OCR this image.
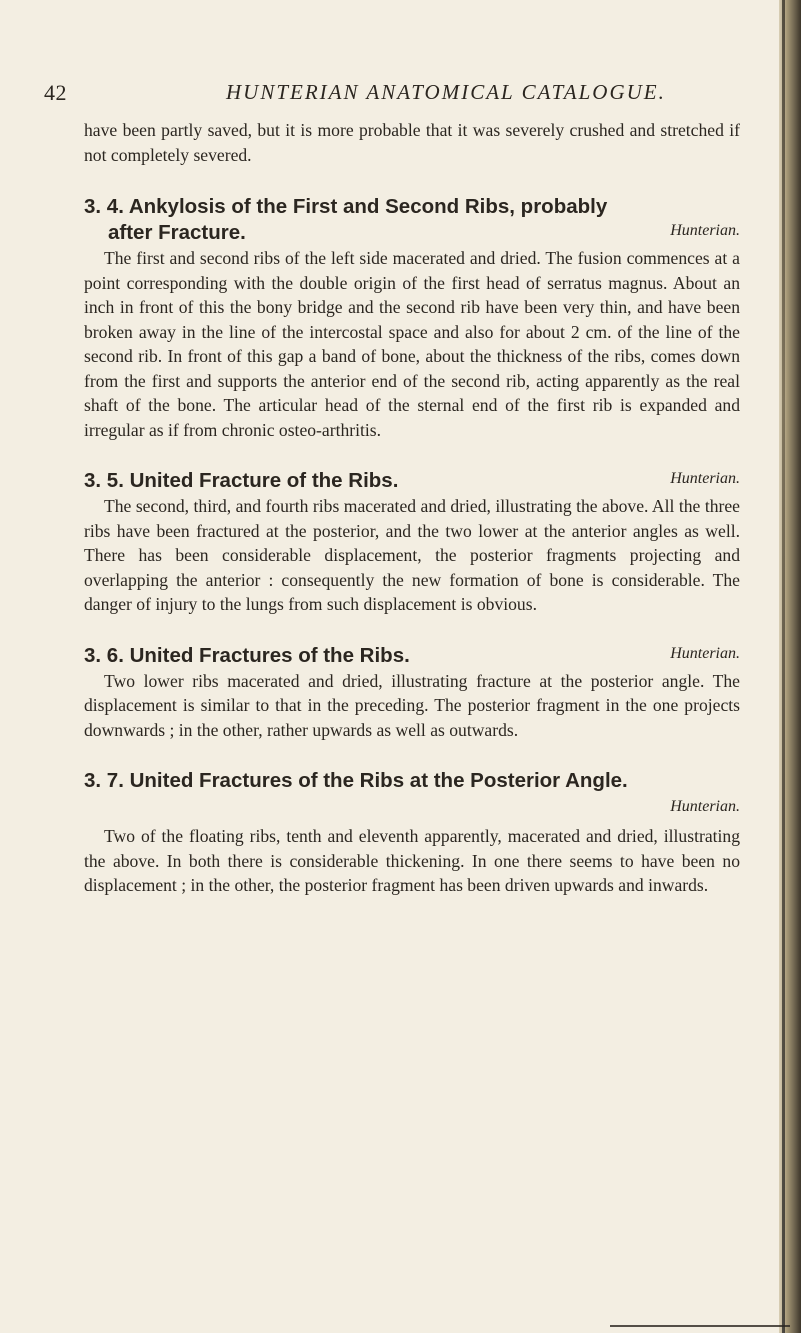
42	HUNTERIAN ANATOMICAL CATALOGUE.

have been partly saved, but it is more probable that it was severely crushed and stretched if not completely severed.

3. 4. Ankylosis of the First and Second Ribs, probably
after Fracture.	Hunterian.

The first and second ribs of the left side macerated and dried. The fusion commences at a point corresponding with the double origin of the first head of serratus magnus. About an inch in front of this the bony bridge and the second rib have been very thin, and have been broken away in the line of the intercostal space and also for about 2 cm. of the line of the second rib. In front of this gap a band of bone, about the thickness of the ribs, comes down from the first and supports the anterior end of the second rib, acting apparently as the real shaft of the bone. The articular head of the sternal end of the first rib is expanded and irregular as if from chronic osteo-arthritis.

3. 5. United Fracture of the Ribs.	Hunterian.

The second, third, and fourth ribs macerated and dried, illustrating the above. All the three ribs have been fractured at the posterior, and the two lower at the anterior angles as well. There has been considerable displacement, the posterior fragments projecting and overlapping the anterior : consequently the new formation of bone is considerable. The danger of injury to the lungs from such displacement is obvious.

3. 6. United Fractures of the Ribs.	Hunterian.

Two lower ribs macerated and dried, illustrating fracture at the posterior angle. The displacement is similar to that in the preceding. The posterior fragment in the one projects downwards ; in the other, rather upwards as well as outwards.

3. 7. United Fractures of the Ribs at the Posterior Angle.
Hunterian.

Two of the floating ribs, tenth and eleventh apparently, macerated and dried, illustrating the above. In both there is considerable thickening. In one there seems to have been no displacement ; in the other, the posterior fragment has been driven upwards and inwards.
